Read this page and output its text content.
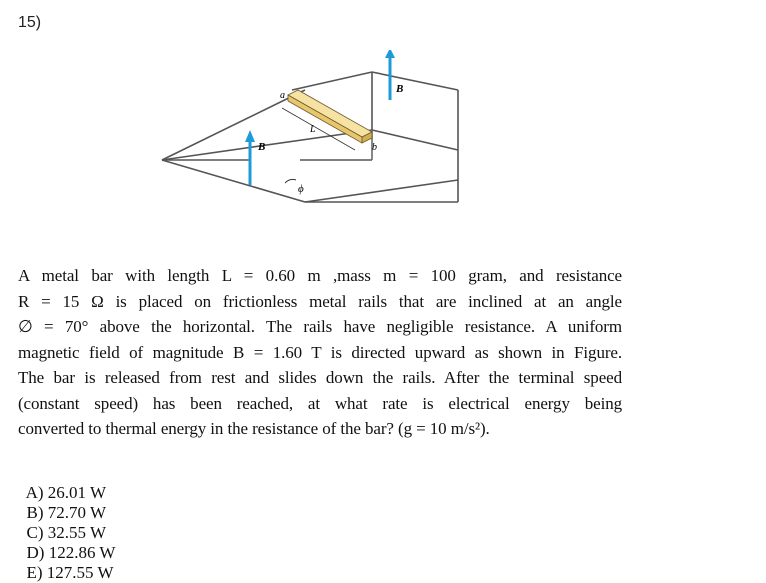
15)
B
B
a
b
L
ϕ
A metal bar with length L = 0.60 m ,mass m = 100 gram, and resistance
R = 15 Ω is placed on frictionless metal rails that are inclined at an angle
∅ = 70° above the horizontal. The rails have negligible resistance. A uniform
magnetic field of magnitude B = 1.60 T is directed upward as shown in Figure.
The bar is released from rest and slides down the rails. After the terminal speed
(constant speed) has been reached, at what rate is electrical energy being
converted to thermal energy in the resistance of the bar? (g = 10 m/s²).

A) 26.01 W
B) 72.70 W
C) 32.55 W
D) 122.86 W
E) 127.55 W
